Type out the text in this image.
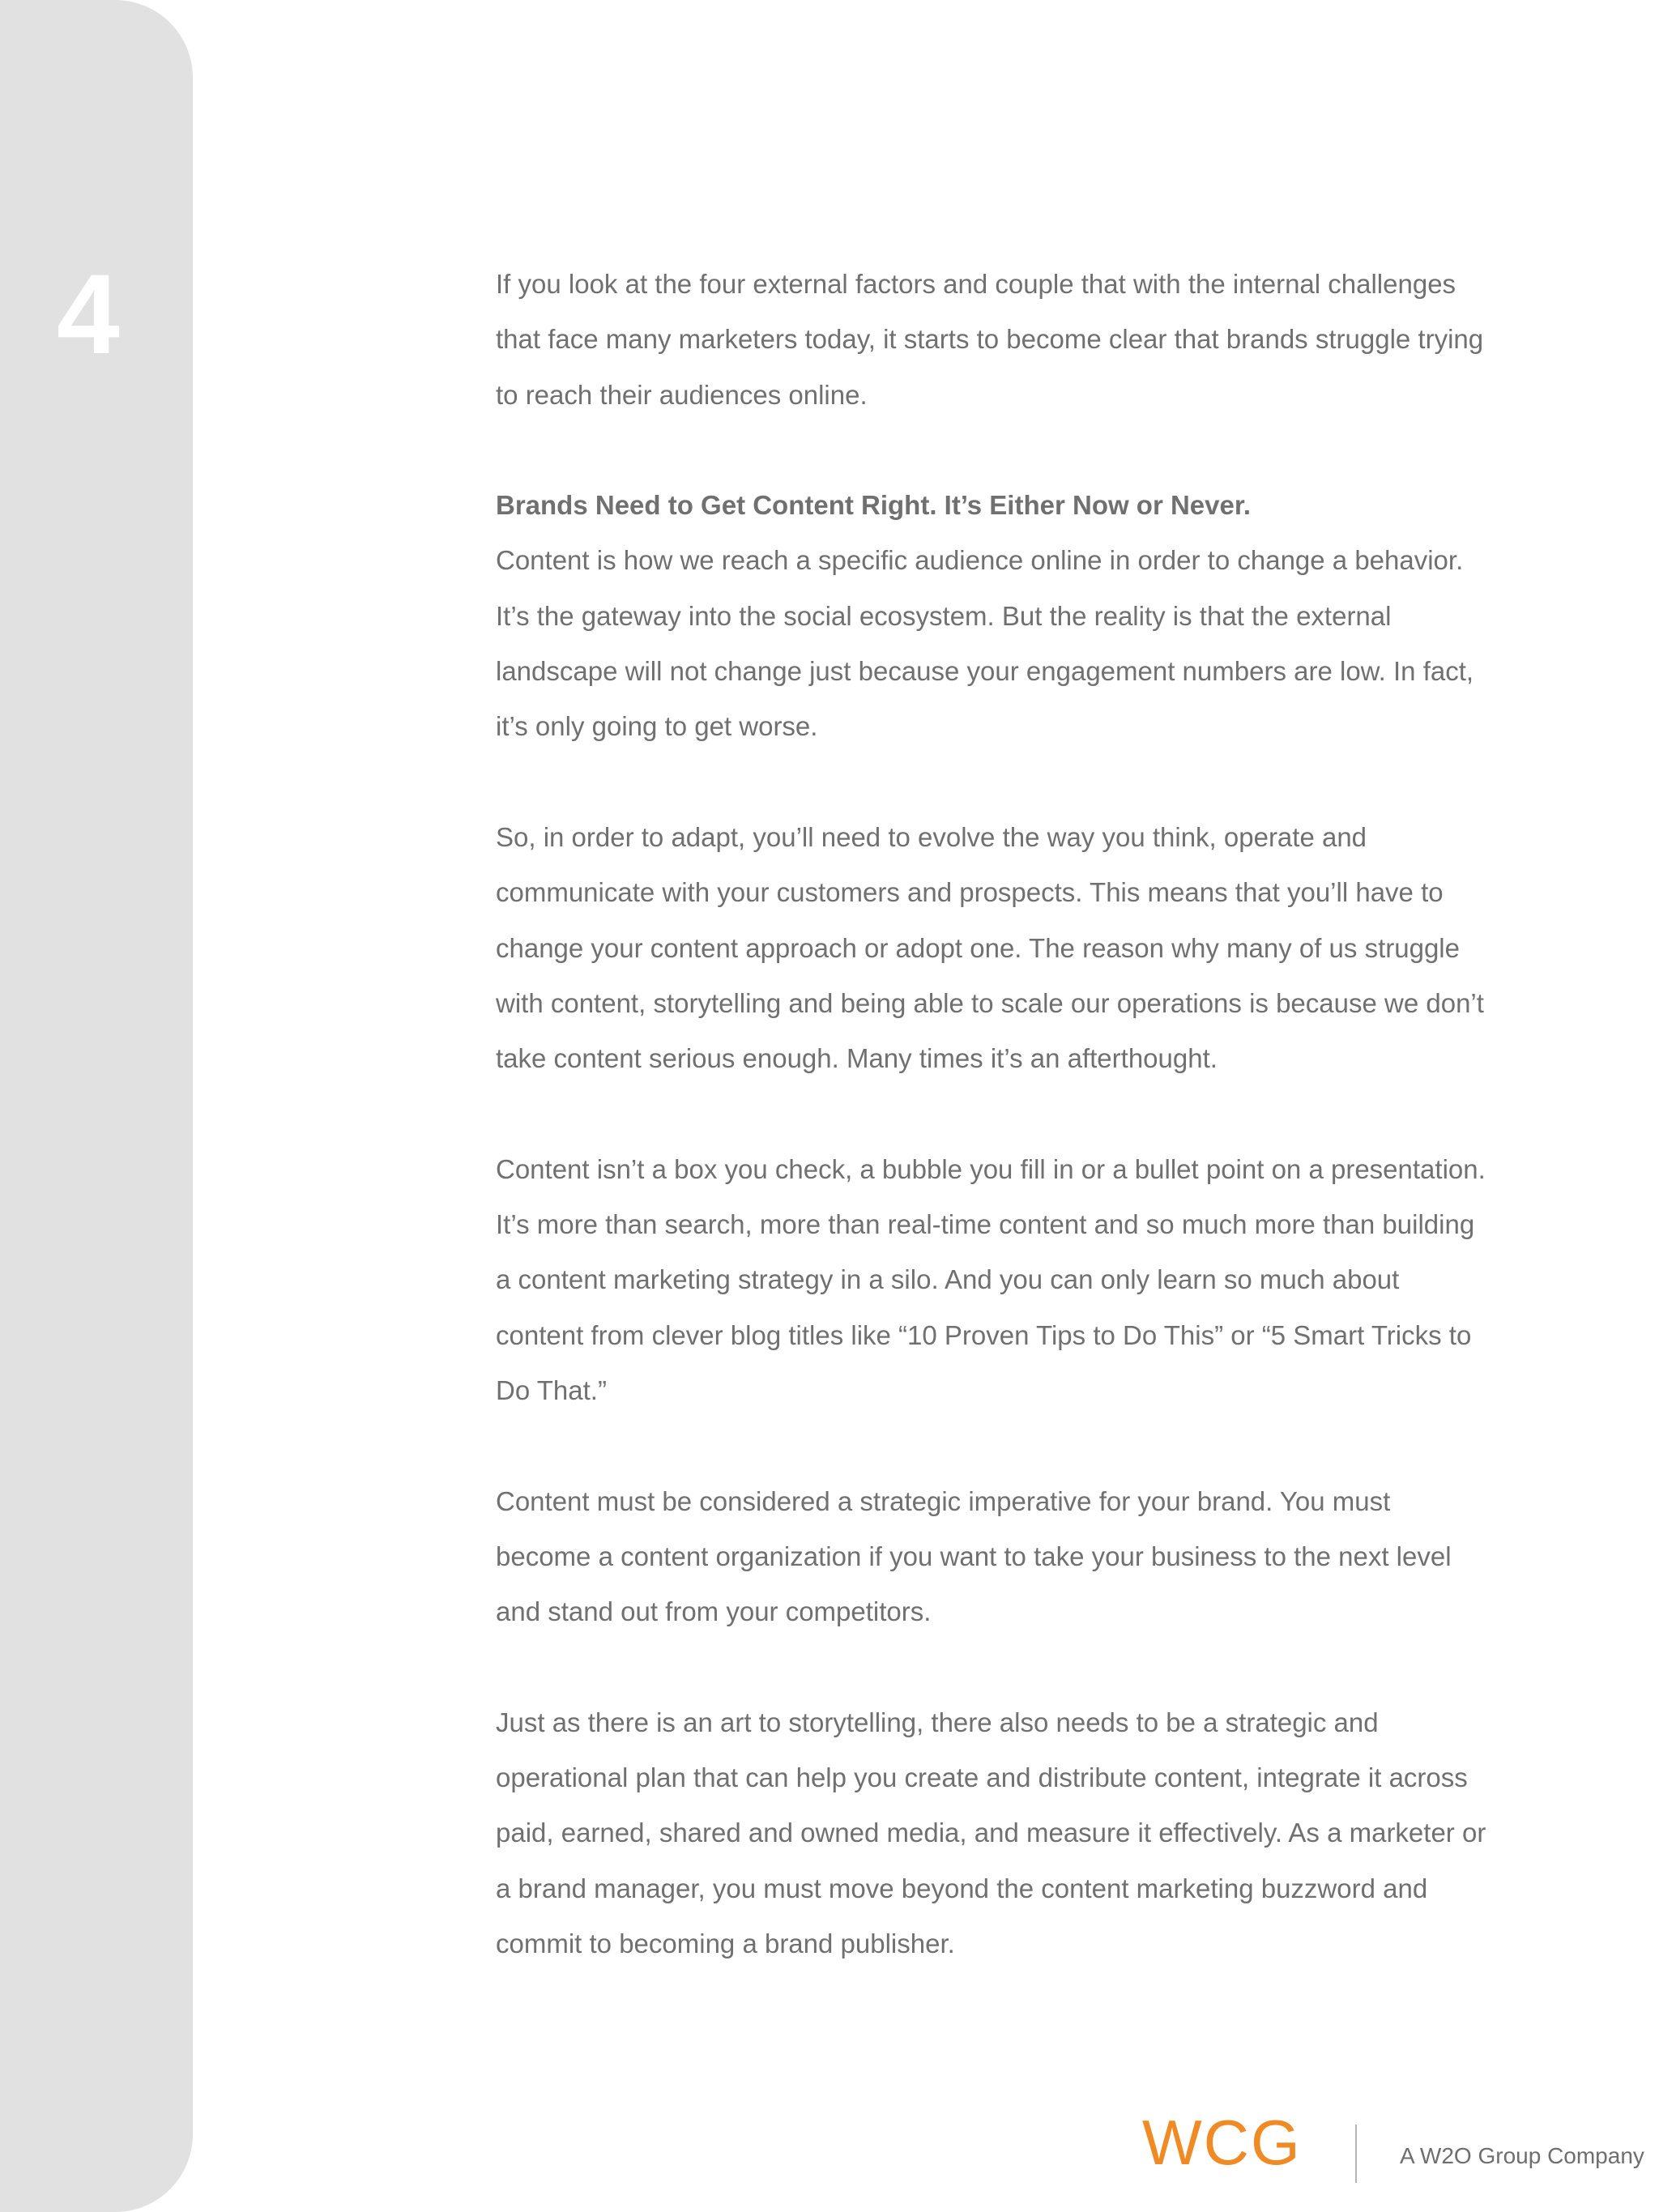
4	If you look at the four external factors and couple that with the internal challenges that face many marketers today, it starts to become clear that brands struggle trying to reach their audiences online.

Brands Need to Get Content Right. It’s Either Now or Never.
Content is how we reach a specific audience online in order to change a behavior. It’s the gateway into the social ecosystem. But the reality is that the external landscape will not change just because your engagement numbers are low. In fact, it’s only going to get worse.

So, in order to adapt, you’ll need to evolve the way you think, operate and communicate with your customers and prospects. This means that you’ll have to change your content approach or adopt one. The reason why many of us struggle with content, storytelling and being able to scale our operations is because we don’t take content serious enough. Many times it’s an afterthought.

Content isn’t a box you check, a bubble you fill in or a bullet point on a presentation. It’s more than search, more than real-time content and so much more than building a content marketing strategy in a silo. And you can only learn so much about content from clever blog titles like “10 Proven Tips to Do This” or “5 Smart Tricks to Do That.”

Content must be considered a strategic imperative for your brand. You must become a content organization if you want to take your business to the next level and stand out from your competitors.

Just as there is an art to storytelling, there also needs to be a strategic and operational plan that can help you create and distribute content, integrate it across paid, earned, shared and owned media, and measure it effectively. As a marketer or a brand manager, you must move beyond the content marketing buzzword and commit to becoming a brand publisher.

WCG	A W2O Group Company
